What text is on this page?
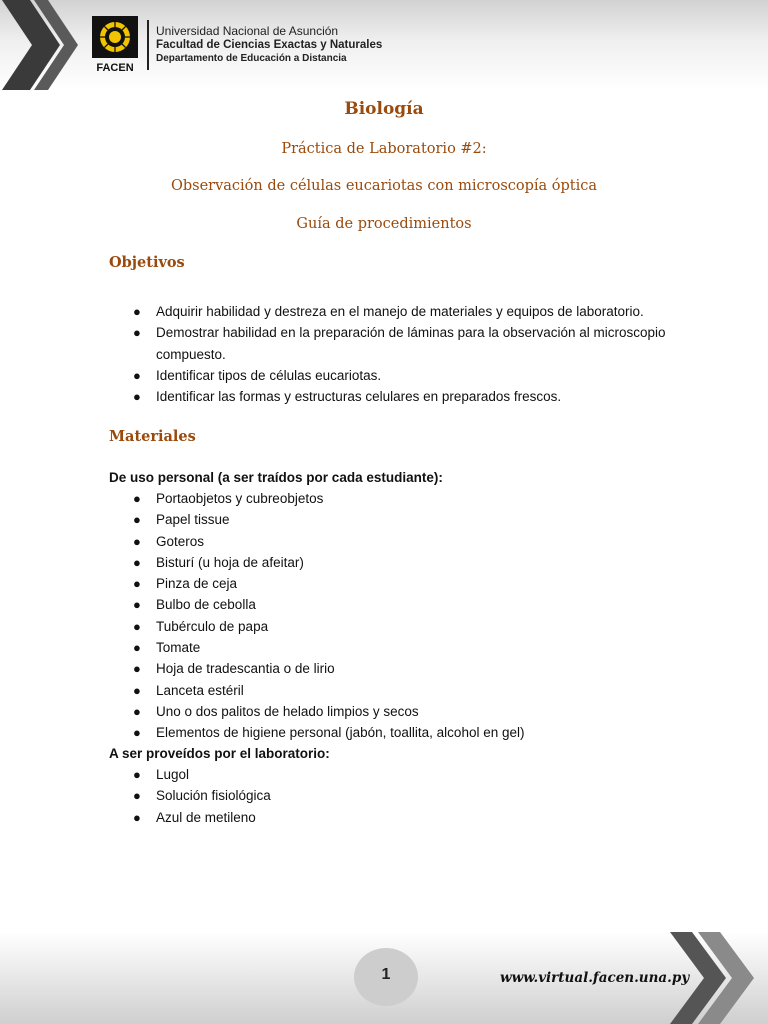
FACEN
Universidad Nacional de Asunción
Facultad de Ciencias Exactas y Naturales
Departamento de Educación a Distancia
Biología
Práctica de Laboratorio #2:
Observación de células eucariotas con microscopía óptica
Guía de procedimientos
Objetivos
● Adquirir habilidad y destreza en el manejo de materiales y equipos de laboratorio.
● Demostrar habilidad en la preparación de láminas para la observación al microscopio compuesto.
● Identificar tipos de células eucariotas.
● Identificar las formas y estructuras celulares en preparados frescos.
Materiales
De uso personal (a ser traídos por cada estudiante):
● Portaobjetos y cubreobjetos
● Papel tissue
● Goteros
● Bisturí (u hoja de afeitar)
● Pinza de ceja
● Bulbo de cebolla
● Tubérculo de papa
● Tomate
● Hoja de tradescantia o de lirio
● Lanceta estéril
● Uno o dos palitos de helado limpios y secos
● Elementos de higiene personal (jabón, toallita, alcohol en gel)
A ser proveídos por el laboratorio:
● Lugol
● Solución fisiológica
● Azul de metileno
1	www.virtual.facen.una.py
